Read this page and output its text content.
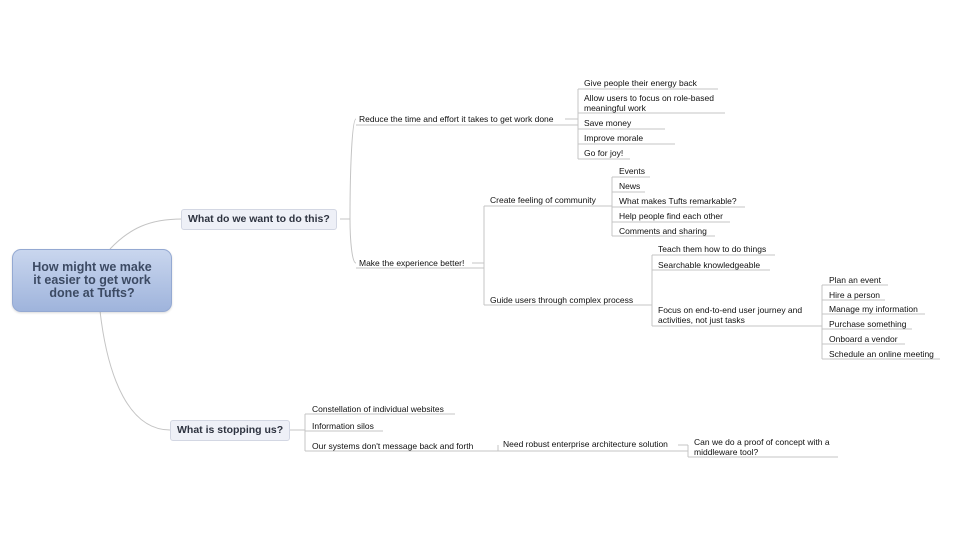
How might we make it easier to get work done at Tufts?
What do we want to do this?
What is stopping us?
Reduce the time and effort it takes to get work done
Give people their energy back
Allow users to focus on role-based meaningful work
Save money
Improve morale
Go for joy!
Make the experience better!
Create feeling of community
Events
News
What makes Tufts remarkable?
Help people find each other
Comments and sharing
Guide users through complex process
Teach them how to do things
Searchable knowledgeable
Focus on end-to-end user journey and activities, not just tasks
Plan an event
Hire a person
Manage my information
Purchase something
Onboard a vendor
Schedule an online meeting
Constellation of individual websites
Information silos
Our systems don't message back and forth	Need robust enterprise architecture solution	Can we do a proof of concept with a middleware tool?
